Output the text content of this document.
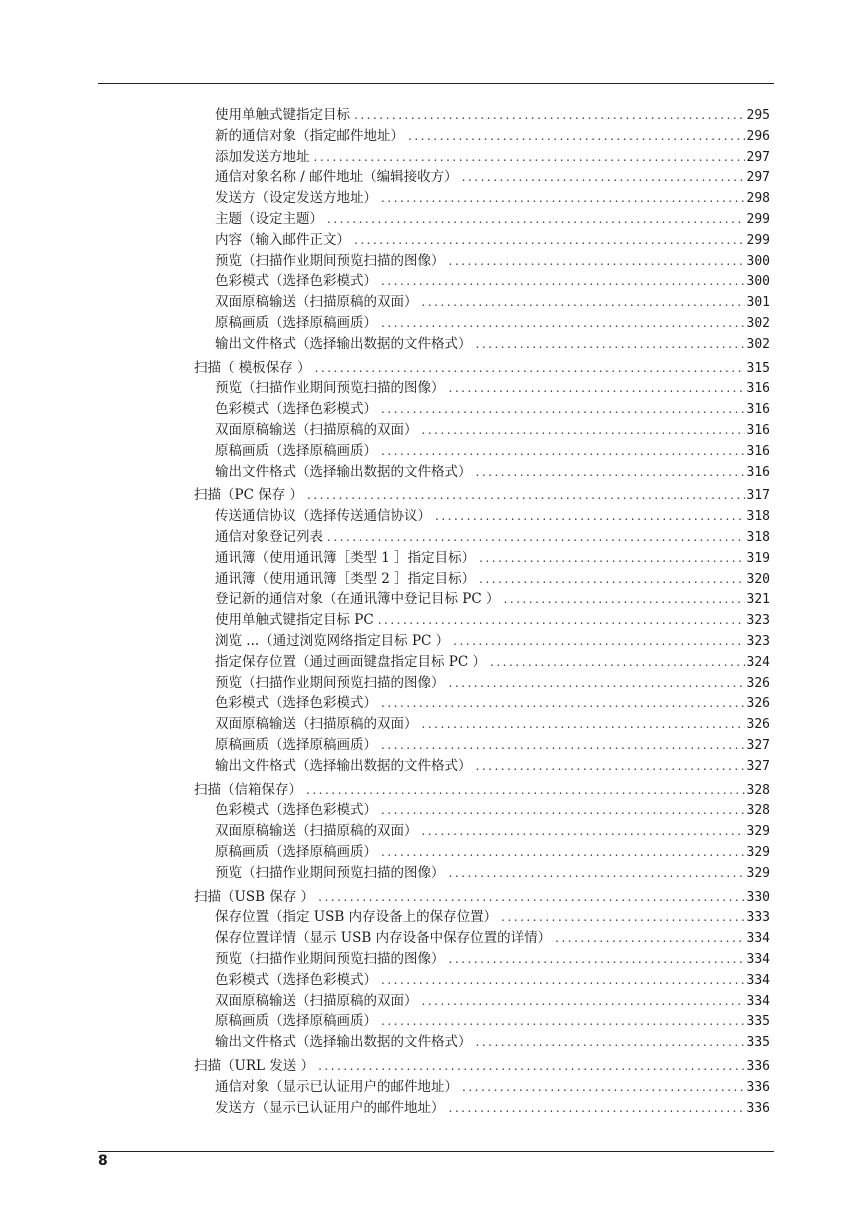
使用单触式键指定目标 .....	295
新的通信对象（指定邮件地址） .....	296
添加发送方地址 .....	297
通信对象名称 / 邮件地址（编辑接收方） .....	297
发送方（设定发送方地址） .....	298
主题（设定主题） .....	299
内容（输入邮件正文） .....	299
预览（扫描作业期间预览扫描的图像） .....	300
色彩模式（选择色彩模式） .....	300
双面原稿输送（扫描原稿的双面） .....	301
原稿画质（选择原稿画质） .....	302
输出文件格式（选择输出数据的文件格式） .....	302
扫描（ 模板保存 ） .....	315
预览（扫描作业期间预览扫描的图像） .....	316
色彩模式（选择色彩模式） .....	316
双面原稿输送（扫描原稿的双面） .....	316
原稿画质（选择原稿画质） .....	316
输出文件格式（选择输出数据的文件格式） .....	316
扫描（PC 保存 ） .....	317
传送通信协议（选择传送通信协议） .....	318
通信对象登记列表 .....	318
通讯簿（使用通讯簿［类型 1 ］指定目标） .....	319
通讯簿（使用通讯簿［类型 2 ］指定目标） .....	320
登记新的通信对象（在通讯簿中登记目标 PC ） .....	321
使用单触式键指定目标 PC .....	323
浏览 ...（通过浏览网络指定目标 PC ） .....	323
指定保存位置（通过画面键盘指定目标 PC ） .....	324
预览（扫描作业期间预览扫描的图像） .....	326
色彩模式（选择色彩模式） .....	326
双面原稿输送（扫描原稿的双面） .....	326
原稿画质（选择原稿画质） .....	327
输出文件格式（选择输出数据的文件格式） .....	327
扫描（信箱保存） .....	328
色彩模式（选择色彩模式） .....	328
双面原稿输送（扫描原稿的双面） .....	329
原稿画质（选择原稿画质） .....	329
预览（扫描作业期间预览扫描的图像） .....	329
扫描（USB 保存 ） .....	330
保存位置（指定 USB 内存设备上的保存位置） .....	333
保存位置详情（显示 USB 内存设备中保存位置的详情） .....	334
预览（扫描作业期间预览扫描的图像） .....	334
色彩模式（选择色彩模式） .....	334
双面原稿输送（扫描原稿的双面） .....	334
原稿画质（选择原稿画质） .....	335
输出文件格式（选择输出数据的文件格式） .....	335
扫描（URL 发送 ） .....	336
通信对象（显示已认证用户的邮件地址） .....	336
发送方（显示已认证用户的邮件地址） .....	336
8
